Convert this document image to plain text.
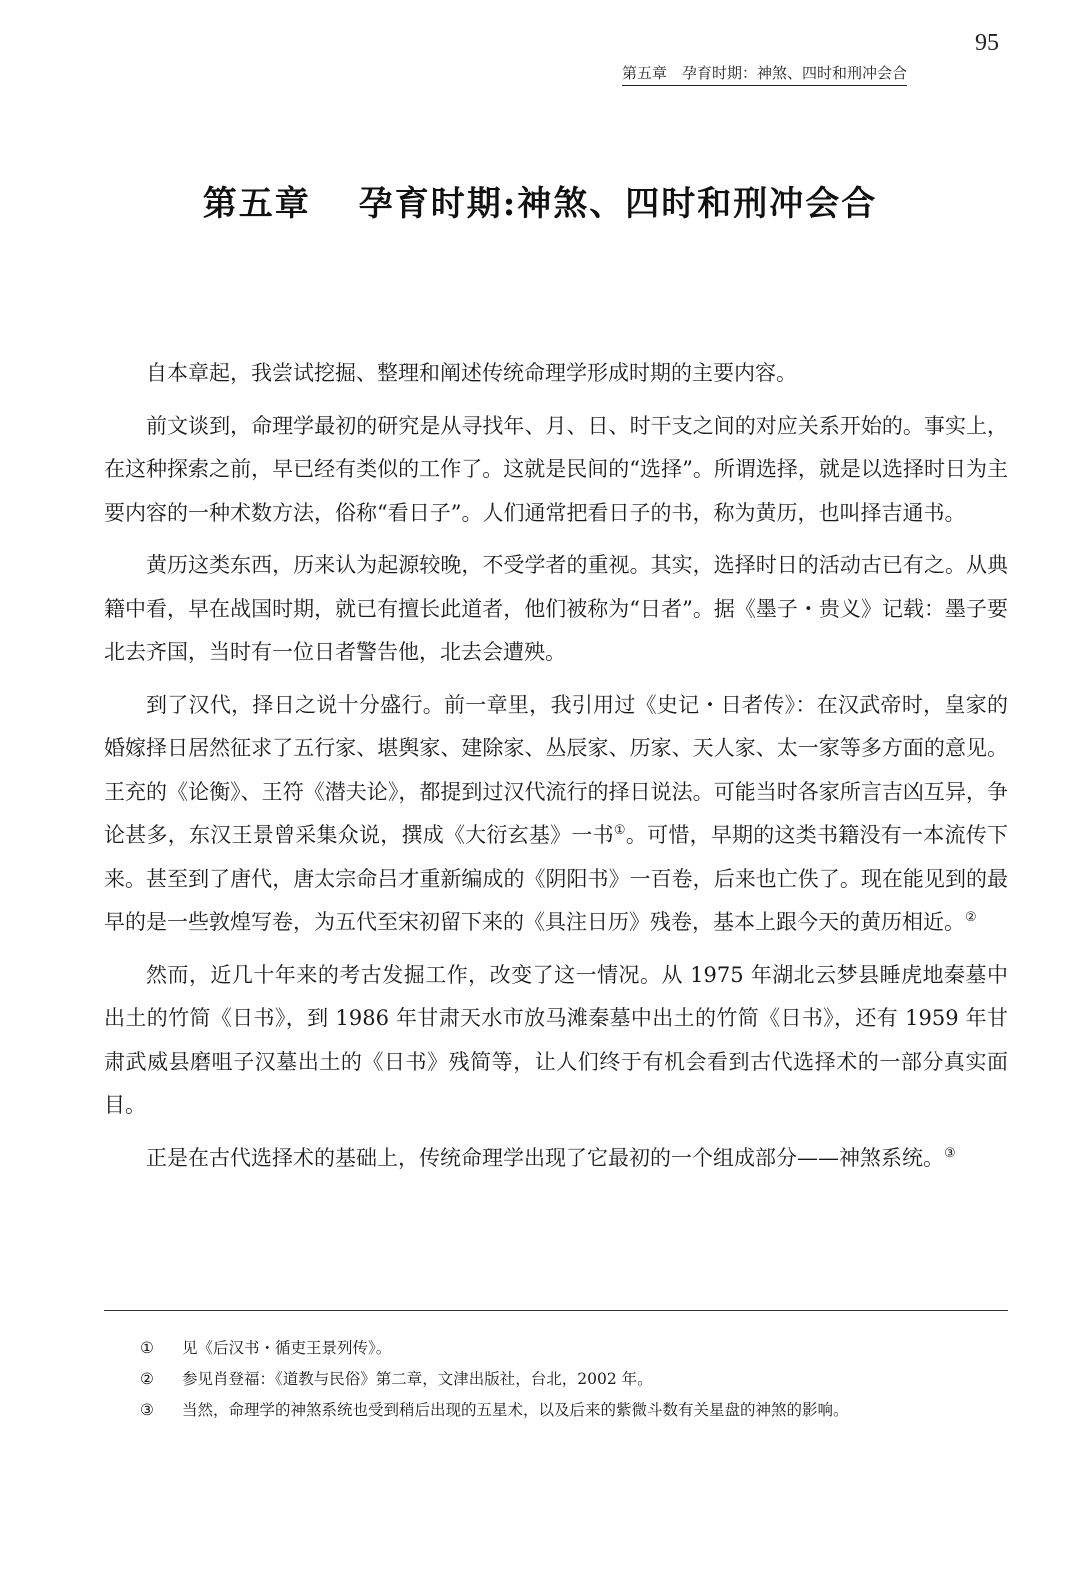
95
第五章　孕育时期：神煞、四时和刑冲会合
第五章 孕育时期:神煞、四时和刑冲会合

自本章起，我尝试挖掘、整理和阐述传统命理学形成时期的主要内容。

前文谈到，命理学最初的研究是从寻找年、月、日、时干支之间的对应关系开始的。事实上，在这种探索之前，早已经有类似的工作了。这就是民间的“选择”。所谓选择，就是以选择时日为主要内容的一种术数方法，俗称“看日子”。人们通常把看日子的书，称为黄历，也叫择吉通书。

黄历这类东西，历来认为起源较晚，不受学者的重视。其实，选择时日的活动古已有之。从典籍中看，早在战国时期，就已有擅长此道者，他们被称为“日者”。据《墨子・贵义》记载：墨子要北去齐国，当时有一位日者警告他，北去会遭殃。

到了汉代，择日之说十分盛行。前一章里，我引用过《史记・日者传》：在汉武帝时，皇家的婚嫁择日居然征求了五行家、堪舆家、建除家、丛辰家、历家、天人家、太一家等多方面的意见。王充的《论衡》、王符《潜夫论》，都提到过汉代流行的择日说法。可能当时各家所言吉凶互异，争论甚多，东汉王景曾采集众说，撰成《大衍玄基》一书①。可惜，早期的这类书籍没有一本流传下来。甚至到了唐代，唐太宗命吕才重新编成的《阴阳书》一百卷，后来也亡佚了。现在能见到的最早的是一些敦煌写卷，为五代至宋初留下来的《具注日历》残卷，基本上跟今天的黄历相近。②

然而，近几十年来的考古发掘工作，改变了这一情况。从 1975 年湖北云梦县睡虎地秦墓中出土的竹简《日书》，到 1986 年甘肃天水市放马滩秦墓中出土的竹简《日书》，还有 1959 年甘肃武威县磨咀子汉墓出土的《日书》残简等，让人们终于有机会看到古代选择术的一部分真实面目。

正是在古代选择术的基础上，传统命理学出现了它最初的一个组成部分——神煞系统。③

①	见《后汉书・循吏王景列传》。
②	参见肖登福：《道教与民俗》第二章，文津出版社，台北，2002 年。
③	当然，命理学的神煞系统也受到稍后出现的五星术，以及后来的紫微斗数有关星盘的神煞的影响。
